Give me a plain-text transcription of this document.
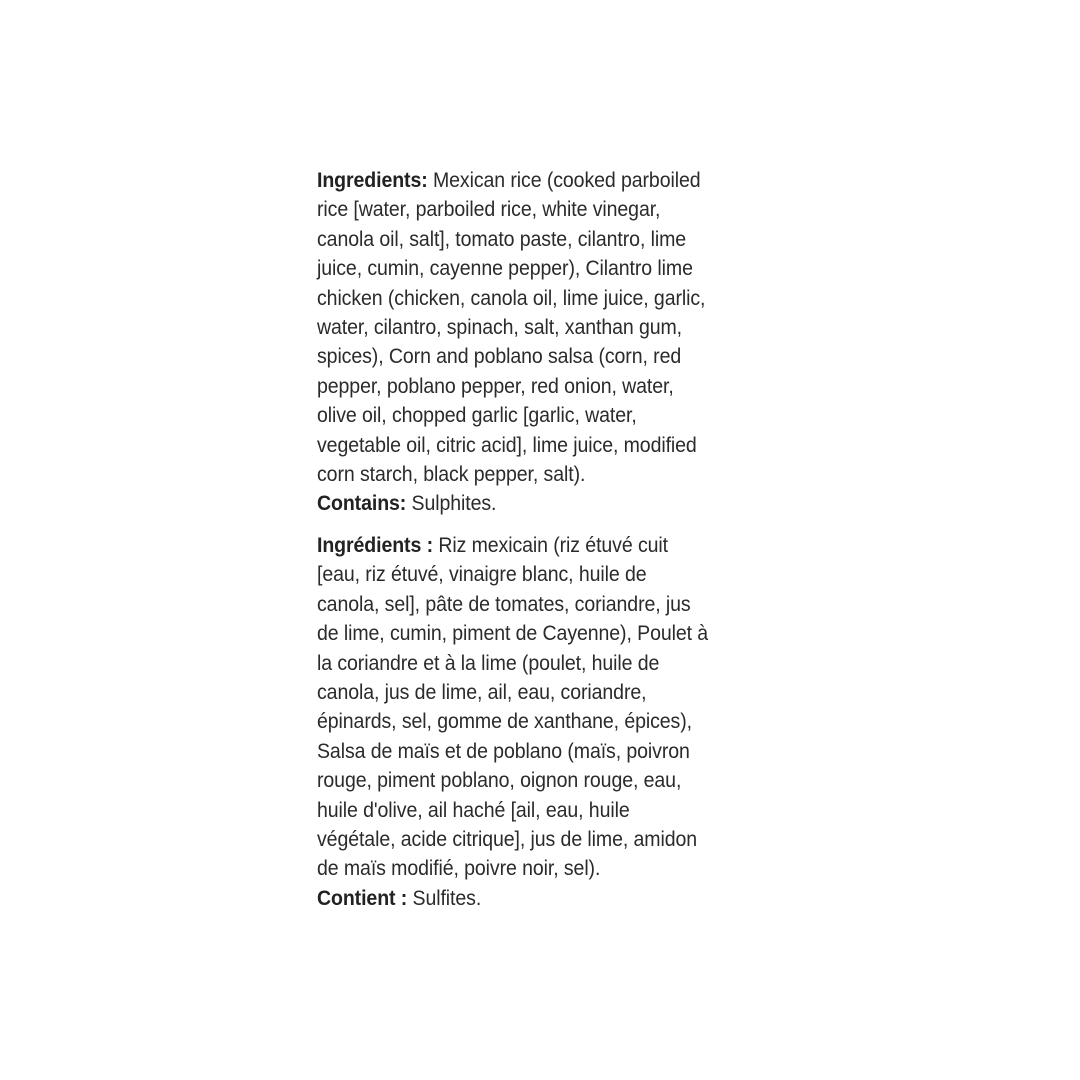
Ingredients: Mexican rice (cooked parboiled
rice [water, parboiled rice, white vinegar,
canola oil, salt], tomato paste, cilantro, lime
juice, cumin, cayenne pepper), Cilantro lime
chicken (chicken, canola oil, lime juice, garlic,
water, cilantro, spinach, salt, xanthan gum,
spices), Corn and poblano salsa (corn, red
pepper, poblano pepper, red onion, water,
olive oil, chopped garlic [garlic, water,
vegetable oil, citric acid], lime juice, modified
corn starch, black pepper, salt).
Contains: Sulphites.
Ingrédients : Riz mexicain (riz étuvé cuit
[eau, riz étuvé, vinaigre blanc, huile de
canola, sel], pâte de tomates, coriandre, jus
de lime, cumin, piment de Cayenne), Poulet à
la coriandre et à la lime (poulet, huile de
canola, jus de lime, ail, eau, coriandre,
épinards, sel, gomme de xanthane, épices),
Salsa de maïs et de poblano (maïs, poivron
rouge, piment poblano, oignon rouge, eau,
huile d'olive, ail haché [ail, eau, huile
végétale, acide citrique], jus de lime, amidon
de maïs modifié, poivre noir, sel).
Contient : Sulfites.
